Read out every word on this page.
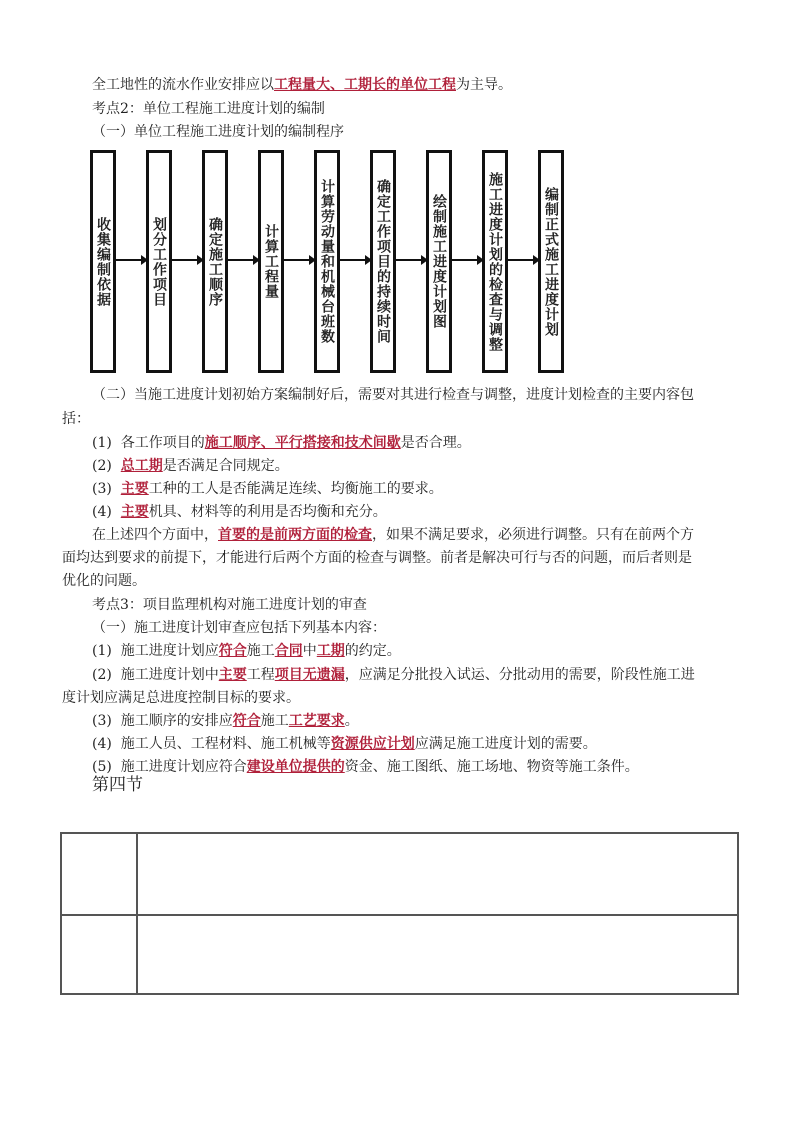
全工地性的流水作业安排应以工程量大、工期长的单位工程为主导。
考点2：单位工程施工进度计划的编制
（一）单位工程施工进度计划的编制程序
收集编制依据	划分工作项目	确定施工顺序	计算工程量	计算劳动量和机械台班数	确定工作项目的持续时间	绘制施工进度计划图	施工进度计划的检查与调整	编制正式施工进度计划
（二）当施工进度计划初始方案编制好后，需要对其进行检查与调整，进度计划检查的主要内容包
括：
(1) 各工作项目的施工顺序、平行搭接和技术间歇是否合理。
(2) 总工期是否满足合同规定。
(3) 主要工种的工人是否能满足连续、均衡施工的要求。
(4) 主要机具、材料等的利用是否均衡和充分。
在上述四个方面中，首要的是前两方面的检查，如果不满足要求，必须进行调整。只有在前两个方
面均达到要求的前提下，才能进行后两个方面的检查与调整。前者是解决可行与否的问题，而后者则是
优化的问题。
考点3：项目监理机构对施工进度计划的审查
（一）施工进度计划审查应包括下列基本内容：
(1) 施工进度计划应符合施工合同中工期的约定。
(2) 施工进度计划中主要工程项目无遗漏，应满足分批投入试运、分批动用的需要，阶段性施工进
度计划应满足总进度控制目标的要求。
(3) 施工顺序的安排应符合施工工艺要求。
(4) 施工人员、工程材料、施工机械等资源供应计划应满足施工进度计划的需要。
(5) 施工进度计划应符合建设单位提供的资金、施工图纸、施工场地、物资等施工条件。
第四节
